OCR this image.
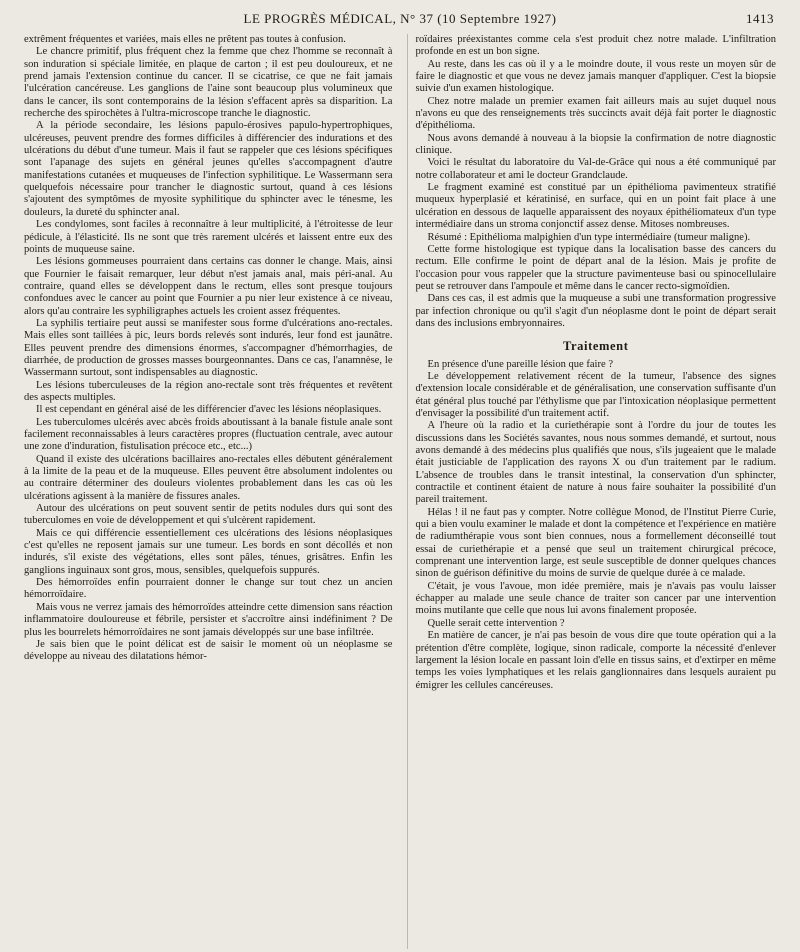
LE PROGRÈS MÉDICAL, N° 37 (10 Septembre 1927)	1413

extrêment fréquentes et variées, mais elles ne prêtent pas toutes à confusion.

Le chancre primitif, plus fréquent chez la femme que chez l'homme se reconnaît à son induration si spéciale limitée, en plaque de carton ; il est peu douloureux, et ne prend jamais l'extension continue du cancer. Il se cicatrise, ce que ne fait jamais l'ulcération cancéreuse. Les ganglions de l'aine sont beaucoup plus volumineux que dans le cancer, ils sont contemporains de la lésion s'effacent après sa disparition. La recherche des spirochètes à l'ultra-microscope tranche le diagnostic.

A la période secondaire, les lésions papulo-érosives papulo-hypertrophiques, ulcéreuses, peuvent prendre des formes difficiles à différencier des indurations et des ulcérations du début d'une tumeur. Mais il faut se rappeler que ces lésions spécifiques sont l'apanage des sujets en général jeunes qu'elles s'accompagnent d'autre manifestations cutanées et muqueuses de l'infection syphilitique. Le Wassermann sera quelquefois nécessaire pour trancher le diagnostic surtout, quand à ces lésions s'ajoutent des symptômes de myosite syphilitique du sphincter avec le ténesme, les douleurs, la dureté du sphincter anal.

Les condylomes, sont faciles à reconnaître à leur multiplicité, à l'étroitesse de leur pédicule, à l'élasticité. Ils ne sont que très rarement ulcérés et laissent entre eux des points de muqueuse saine.

Les lésions gommeuses pourraient dans certains cas donner le change. Mais, ainsi que Fournier le faisait remarquer, leur début n'est jamais anal, mais péri-anal. Au contraire, quand elles se développent dans le rectum, elles sont presque toujours confondues avec le cancer au point que Fournier a pu nier leur existence à ce niveau, alors qu'au contraire les syphiligraphes actuels les croient assez fréquentes.

La syphilis tertiaire peut aussi se manifester sous forme d'ulcérations ano-rectales. Mais elles sont taillées à pic, leurs bords relevés sont indurés, leur fond est jaunâtre. Elles peuvent prendre des dimensions énormes, s'accompagner d'hémorrhagies, de diarrhée, de production de grosses masses bourgeonnantes. Dans ce cas, l'anamnèse, le Wassermann surtout, sont indispensables au diagnostic.

Les lésions tuberculeuses de la région ano-rectale sont très fréquentes et revêtent des aspects multiples.

Il est cependant en général aisé de les différencier d'avec les lésions néoplasiques.

Les tuberculomes ulcérés avec abcès froids aboutissant à la banale fistule anale sont facilement reconnaissables à leurs caractères propres (fluctuation centrale, avec autour une zone d'induration, fistulisation précoce etc., etc...)

Quand il existe des ulcérations bacillaires ano-rectales elles débutent généralement à la limite de la peau et de la muqueuse. Elles peuvent être absolument indolentes ou au contraire déterminer des douleurs violentes probablement dans les cas où les ulcérations agissent à la manière de fissures anales.

Autour des ulcérations on peut souvent sentir de petits nodules durs qui sont des tuberculomes en voie de développement et qui s'ulcèrent rapidement.

Mais ce qui différencie essentiellement ces ulcérations des lésions néoplasiques c'est qu'elles ne reposent jamais sur une tumeur. Les bords en sont décollés et non indurés, s'il existe des végétations, elles sont pâles, ténues, grisâtres. Enfin les ganglions inguinaux sont gros, mous, sensibles, quelquefois suppurés.

Des hémorroïdes enfin pourraient donner le change sur tout chez un ancien hémorroïdaire.

Mais vous ne verrez jamais des hémorroïdes atteindre cette dimension sans réaction inflammatoire douloureuse et fébrile, persister et s'accroître ainsi indéfiniment ? De plus les bourrelets hémorroïdaires ne sont jamais développés sur une base infiltrée.

Je sais bien que le point délicat est de saisir le moment où un néoplasme se développe au niveau des dilatations hémor-

roïdaires préexistantes comme cela s'est produit chez notre malade. L'infiltration profonde en est un bon signe.

Au reste, dans les cas où il y a le moindre doute, il vous reste un moyen sûr de faire le diagnostic et que vous ne devez jamais manquer d'appliquer. C'est la biopsie suivie d'un examen histologique.

Chez notre malade un premier examen fait ailleurs mais au sujet duquel nous n'avons eu que des renseignements très succincts avait déjà fait porter le diagnostic d'épithélioma.

Nous avons demandé à nouveau à la biopsie la confirmation de notre diagnostic clinique.

Voici le résultat du laboratoire du Val-de-Grâce qui nous a été communiqué par notre collaborateur et ami le docteur Grandclaude.

Le fragment examiné est constitué par un épithélioma pavimenteux stratifié muqueux hyperplasié et kératinisé, en surface, qui en un point fait place à une ulcération en dessous de laquelle apparaissent des noyaux épithéliomateux d'un type intermédiaire dans un stroma conjonctif assez dense. Mitoses nombreuses.

Résumé : Epithélioma malpighien d'un type intermédiaire (tumeur maligne).

Cette forme histologique est typique dans la localisation basse des cancers du rectum. Elle confirme le point de départ anal de la lésion. Mais je profite de l'occasion pour vous rappeler que la structure pavimenteuse basi ou spinocellulaire peut se retrouver dans l'ampoule et même dans le cancer recto-sigmoïdien.

Dans ces cas, il est admis que la muqueuse a subi une transformation progressive par infection chronique ou qu'il s'agit d'un néoplasme dont le point de départ serait dans des inclusions embryonnaires.

Traitement

En présence d'une pareille lésion que faire ?

Le développement relativement récent de la tumeur, l'absence des signes d'extension locale considérable et de généralisation, une conservation suffisante d'un état général plus touché par l'éthylisme que par l'intoxication néoplasique permettent d'envisager la possibilité d'un traitement actif.

A l'heure où la radio et la curiethérapie sont à l'ordre du jour de toutes les discussions dans les Sociétés savantes, nous nous sommes demandé, et surtout, nous avons demandé à des médecins plus qualifiés que nous, s'ils jugeaient que le malade était justiciable de l'application des rayons X ou d'un traitement par le radium. L'absence de troubles dans le transit intestinal, la conservation d'un sphincter, contractile et continent étaient de nature à nous faire souhaiter la possibilité d'un pareil traitement.

Hélas ! il ne faut pas y compter. Notre collègue Monod, de l'Institut Pierre Curie, qui a bien voulu examiner le malade et dont la compétence et l'expérience en matière de radiumthérapie vous sont bien connues, nous a formellement déconseillé tout essai de curiethérapie et a pensé que seul un traitement chirurgical précoce, comprenant une intervention large, est seule susceptible de donner quelques chances sinon de guérison définitive du moins de survie de quelque durée à ce malade.

C'était, je vous l'avoue, mon idée première, mais je n'avais pas voulu laisser échapper au malade une seule chance de traiter son cancer par une intervention moins mutilante que celle que nous lui avons finalement proposée.

Quelle serait cette intervention ?

En matière de cancer, je n'ai pas besoin de vous dire que toute opération qui a la prétention d'être complète, logique, sinon radicale, comporte la nécessité d'enlever largement la lésion locale en passant loin d'elle en tissus sains, et d'extirper en même temps les voies lymphatiques et les relais ganglionnaires dans lesquels auraient pu émigrer les cellules cancéreuses.
